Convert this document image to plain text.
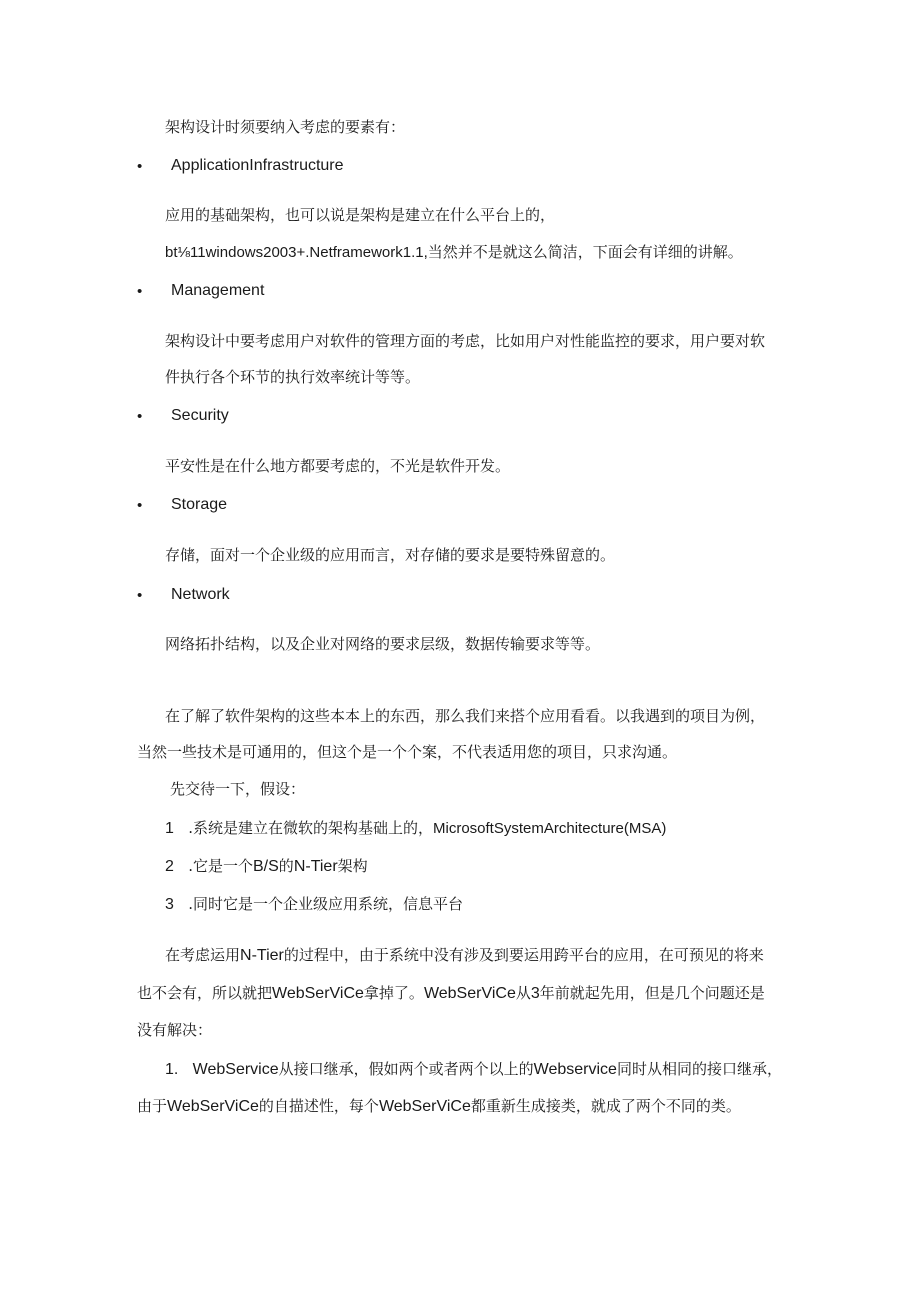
架构设计时须要纳入考虑的要素有：
• ApplicationInfrastructure
应用的基础架构，也可以说是架构是建立在什么平台上的，
bt⅛11windows2003+.Netframework1.1,当然并不是就这么简洁，下面会有详细的讲解。
• Management
架构设计中要考虑用户对软件的管理方面的考虑，比如用户对性能监控的要求，用户要对软
件执行各个环节的执行效率统计等等。
• Security
平安性是在什么地方都要考虑的，不光是软件开发。
• Storage
存储，面对一个企业级的应用而言，对存储的要求是要特殊留意的。
• Network
网络拓扑结构，以及企业对网络的要求层级，数据传输要求等等。
在了解了软件架构的这些本本上的东西，那么我们来搭个应用看看。以我遇到的项目为例，
当然一些技术是可通用的，但这个是一个个案，不代表适用您的项目，只求沟通。
先交待一下，假设：
1 .系统是建立在微软的架构基础上的，MicrosoftSystemArchitecture(MSA)
2 .它是一个B/S的N-Tier架构
3 .同时它是一个企业级应用系统，信息平台
在考虑运用N-Tier的过程中，由于系统中没有涉及到要运用跨平台的应用，在可预见的将来
也不会有，所以就把WebSerViCe拿掉了。WebSerViCe从3年前就起先用，但是几个问题还是
没有解决：
1. WebService从接口继承，假如两个或者两个以上的Webservice同时从相同的接口继承，
由于WebSerViCe的自描述性，每个WebSerViCe都重新生成接类，就成了两个不同的类。
